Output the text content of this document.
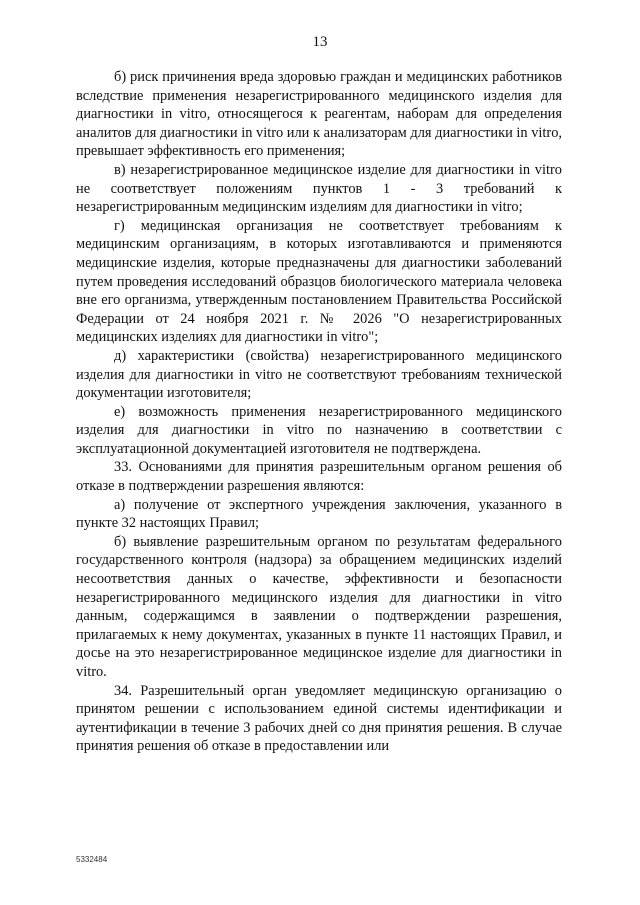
13

б) риск причинения вреда здоровью граждан и медицинских работников вследствие применения незарегистрированного медицинского изделия для диагностики in vitro, относящегося к реагентам, наборам для определения аналитов для диагностики in vitro или к анализаторам для диагностики in vitro, превышает эффективность его применения;

в) незарегистрированное медицинское изделие для диагностики in vitro не соответствует положениям пунктов 1 - 3 требований к незарегистрированным медицинским изделиям для диагностики in vitro;

г) медицинская организация не соответствует требованиям к медицинским организациям, в которых изготавливаются и применяются медицинские изделия, которые предназначены для диагностики заболеваний путем проведения исследований образцов биологического материала человека вне его организма, утвержденным постановлением Правительства Российской Федерации от 24 ноября 2021 г. № 2026 "О незарегистрированных медицинских изделиях для диагностики in vitro";

д) характеристики (свойства) незарегистрированного медицинского изделия для диагностики in vitro не соответствуют требованиям технической документации изготовителя;

е) возможность применения незарегистрированного медицинского изделия для диагностики in vitro по назначению в соответствии с эксплуатационной документацией изготовителя не подтверждена.

33. Основаниями для принятия разрешительным органом решения об отказе в подтверждении разрешения являются:

а) получение от экспертного учреждения заключения, указанного в пункте 32 настоящих Правил;

б) выявление разрешительным органом по результатам федерального государственного контроля (надзора) за обращением медицинских изделий несоответствия данных о качестве, эффективности и безопасности незарегистрированного медицинского изделия для диагностики in vitro данным, содержащимся в заявлении о подтверждении разрешения, прилагаемых к нему документах, указанных в пункте 11 настоящих Правил, и досье на это незарегистрированное медицинское изделие для диагностики in vitro.

34. Разрешительный орган уведомляет медицинскую организацию о принятом решении с использованием единой системы идентификации и аутентификации в течение 3 рабочих дней со дня принятия решения. В случае принятия решения об отказе в предоставлении или

5332484
